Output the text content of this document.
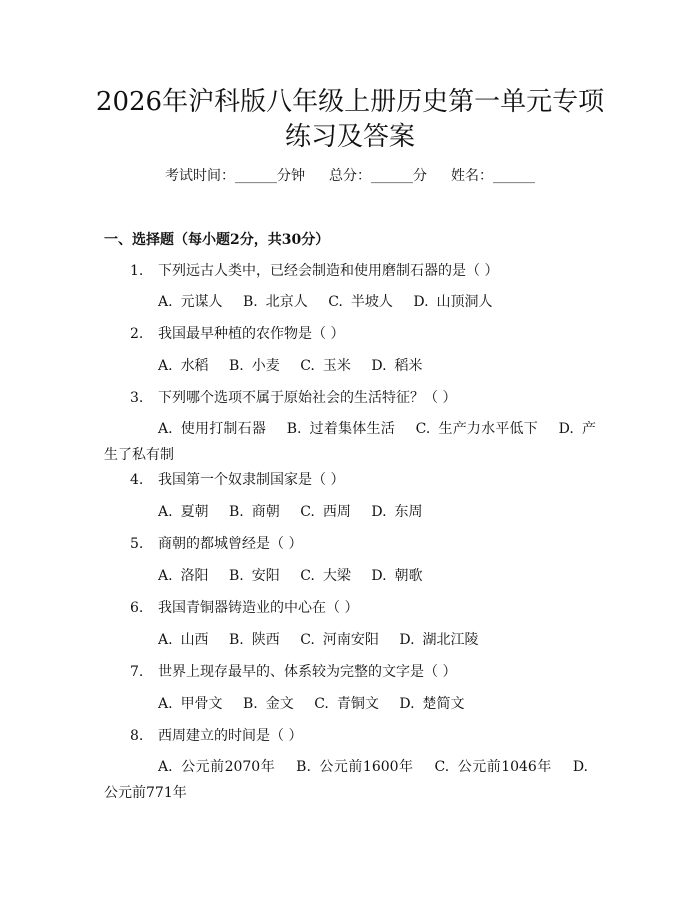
2026年沪科版八年级上册历史第一单元专项
练习及答案
考试时间：______分钟 总分：______分 姓名：______
一、选择题（每小题2分，共30分）
1. 下列远古人类中，已经会制造和使用磨制石器的是（ ）
A. 元谋人 B. 北京人 C. 半坡人 D. 山顶洞人
2. 我国最早种植的农作物是（ ）
A. 水稻 B. 小麦 C. 玉米 D. 稻米
3. 下列哪个选项不属于原始社会的生活特征？（ ）
A. 使用打制石器 B. 过着集体生活 C. 生产力水平低下 D. 产生了私有制
4. 我国第一个奴隶制国家是（ ）
A. 夏朝 B. 商朝 C. 西周 D. 东周
5. 商朝的都城曾经是（ ）
A. 洛阳 B. 安阳 C. 大梁 D. 朝歌
6. 我国青铜器铸造业的中心在（ ）
A. 山西 B. 陕西 C. 河南安阳 D. 湖北江陵
7. 世界上现存最早的、体系较为完整的文字是（ ）
A. 甲骨文 B. 金文 C. 青铜文 D. 楚简文
8. 西周建立的时间是（ ）
A. 公元前2070年 B. 公元前1600年 C. 公元前1046年 D.公元前771年
